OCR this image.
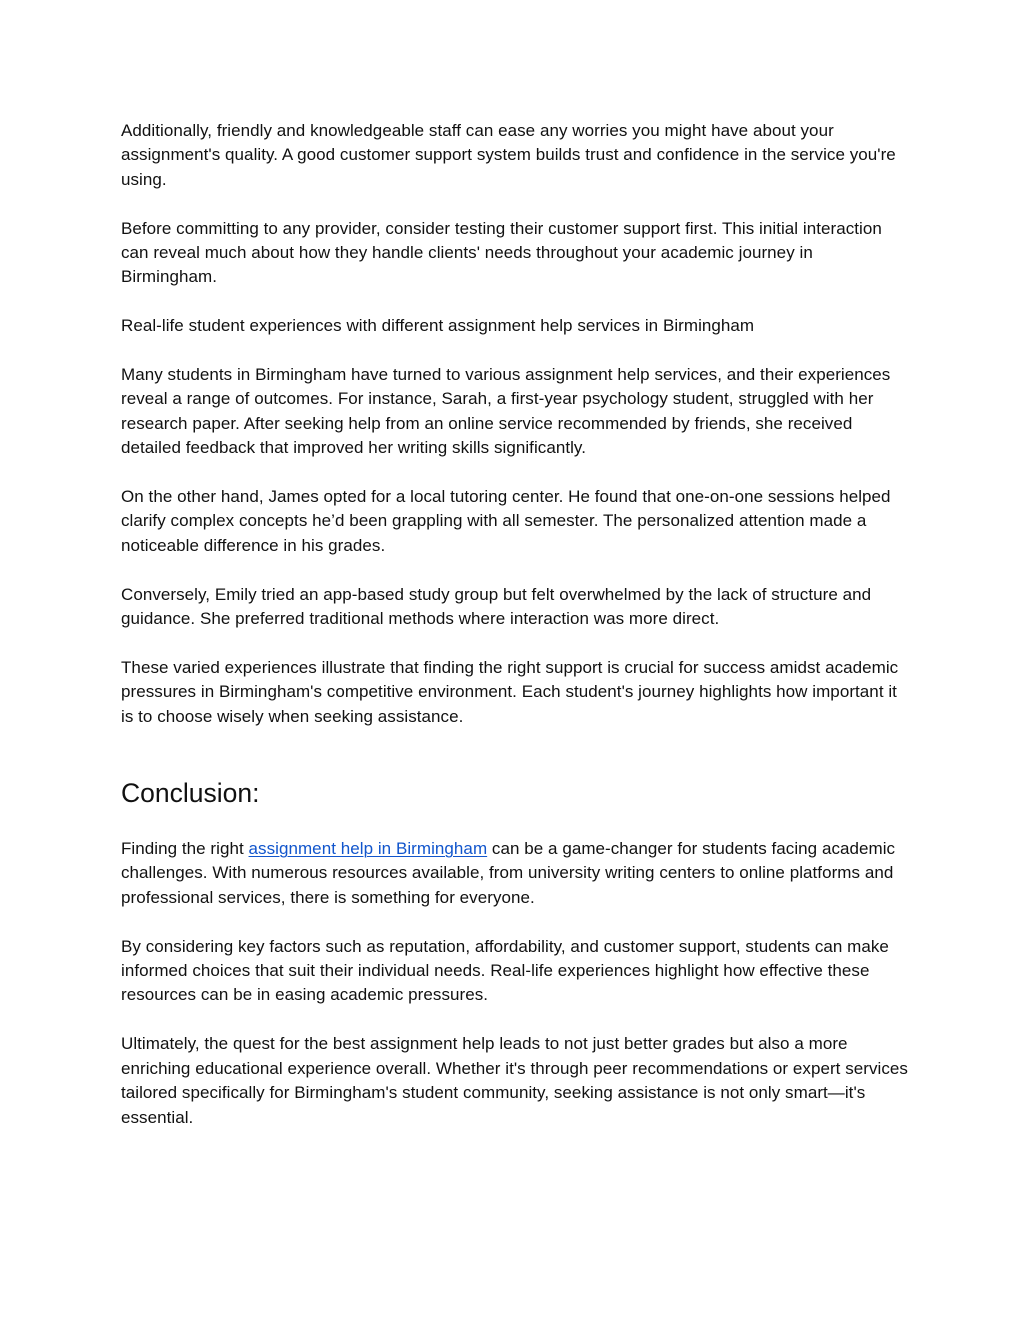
Additionally, friendly and knowledgeable staff can ease any worries you might have about your assignment's quality. A good customer support system builds trust and confidence in the service you're using.

Before committing to any provider, consider testing their customer support first. This initial interaction can reveal much about how they handle clients' needs throughout your academic journey in Birmingham.

Real-life student experiences with different assignment help services in Birmingham

Many students in Birmingham have turned to various assignment help services, and their experiences reveal a range of outcomes. For instance, Sarah, a first-year psychology student, struggled with her research paper. After seeking help from an online service recommended by friends, she received detailed feedback that improved her writing skills significantly.

On the other hand, James opted for a local tutoring center. He found that one-on-one sessions helped clarify complex concepts he’d been grappling with all semester. The personalized attention made a noticeable difference in his grades.

Conversely, Emily tried an app-based study group but felt overwhelmed by the lack of structure and guidance. She preferred traditional methods where interaction was more direct.

These varied experiences illustrate that finding the right support is crucial for success amidst academic pressures in Birmingham's competitive environment. Each student's journey highlights how important it is to choose wisely when seeking assistance.

Conclusion:

Finding the right assignment help in Birmingham can be a game-changer for students facing academic challenges. With numerous resources available, from university writing centers to online platforms and professional services, there is something for everyone.

By considering key factors such as reputation, affordability, and customer support, students can make informed choices that suit their individual needs. Real-life experiences highlight how effective these resources can be in easing academic pressures.

Ultimately, the quest for the best assignment help leads to not just better grades but also a more enriching educational experience overall. Whether it's through peer recommendations or expert services tailored specifically for Birmingham's student community, seeking assistance is not only smart—it's essential.
